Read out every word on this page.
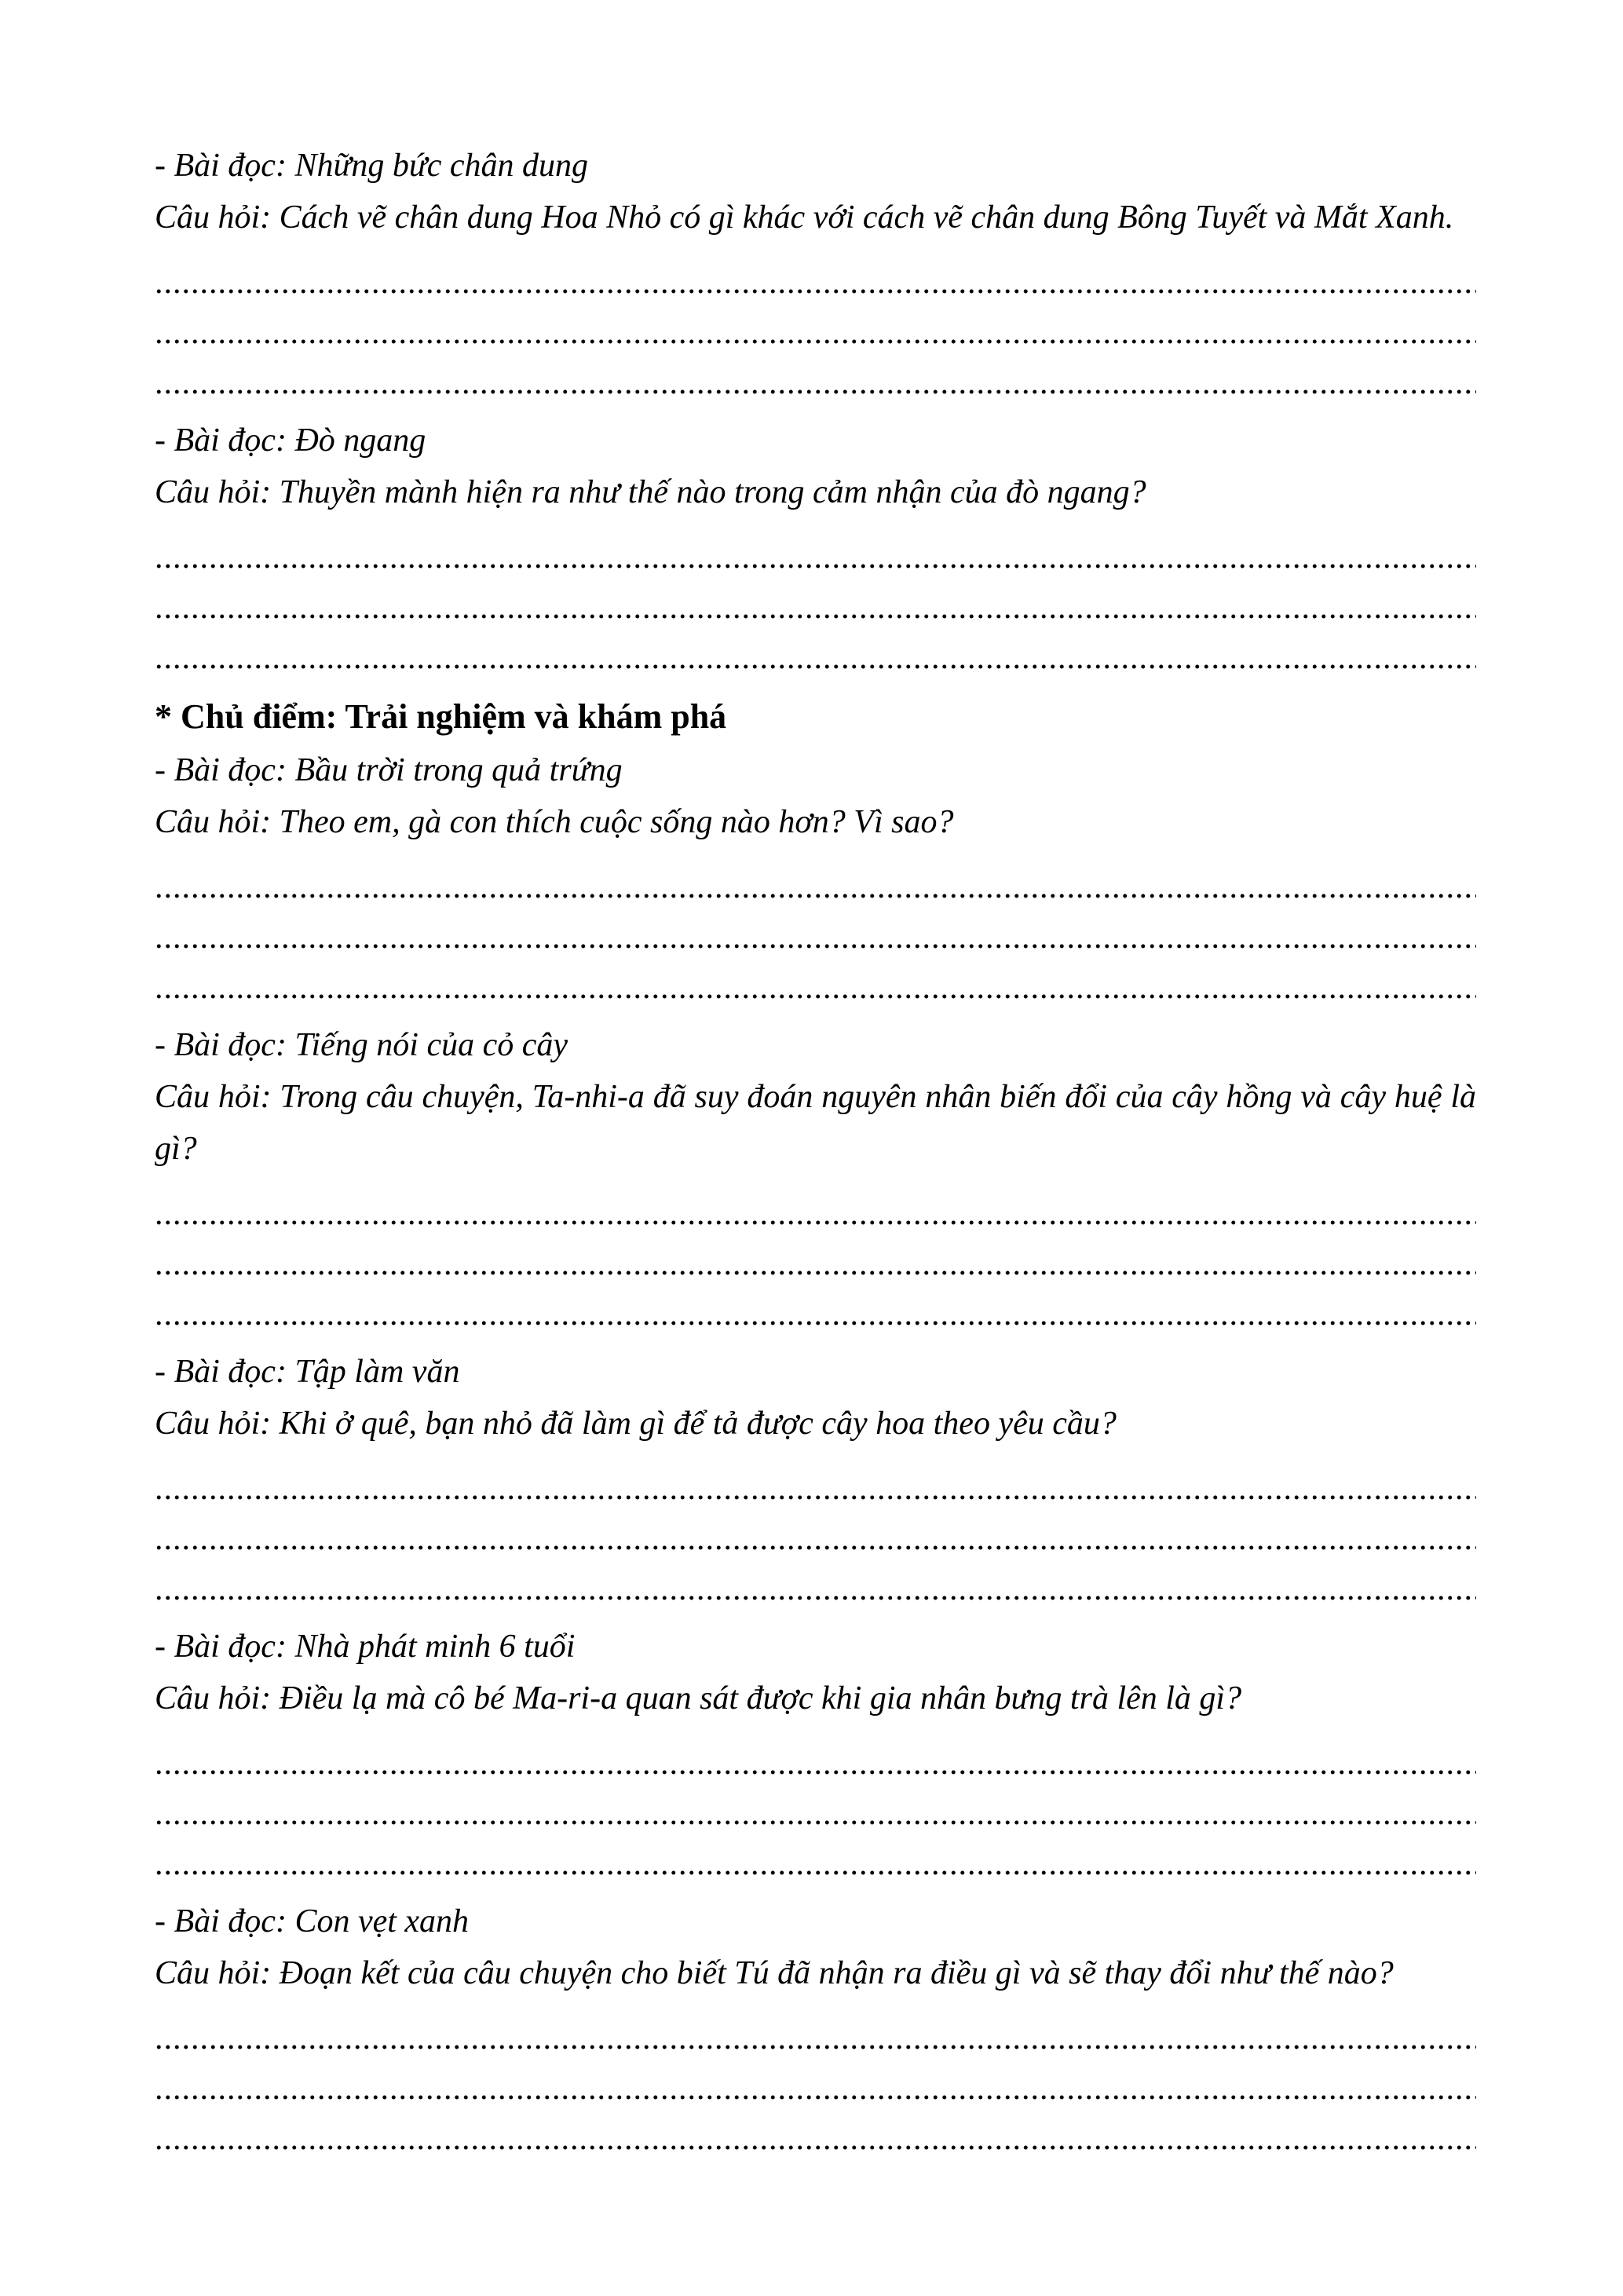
- Bài đọc: Những bức chân dung

Câu hỏi: Cách vẽ chân dung Hoa Nhỏ có gì khác với cách vẽ chân dung Bông Tuyết và Mắt Xanh.

.....
.....
.....

- Bài đọc: Đò ngang

Câu hỏi: Thuyền mành hiện ra như thế nào trong cảm nhận của đò ngang?

.....
.....
.....

* Chủ điểm: Trải nghiệm và khám phá

- Bài đọc: Bầu trời trong quả trứng

Câu hỏi: Theo em, gà con thích cuộc sống nào hơn? Vì sao?

.....
.....
.....

- Bài đọc: Tiếng nói của cỏ cây

Câu hỏi: Trong câu chuyện, Ta-nhi-a đã suy đoán nguyên nhân biến đổi của cây hồng và cây huệ là gì?

.....
.....
.....

- Bài đọc: Tập làm văn

Câu hỏi: Khi ở quê, bạn nhỏ đã làm gì để tả được cây hoa theo yêu cầu?

.....
.....
.....

- Bài đọc: Nhà phát minh 6 tuổi

Câu hỏi: Điều lạ mà cô bé Ma-ri-a quan sát được khi gia nhân bưng trà lên là gì?

.....
.....
.....

- Bài đọc: Con vẹt xanh

Câu hỏi: Đoạn kết của câu chuyện cho biết Tú đã nhận ra điều gì và sẽ thay đổi như thế nào?

.....
.....
.....
